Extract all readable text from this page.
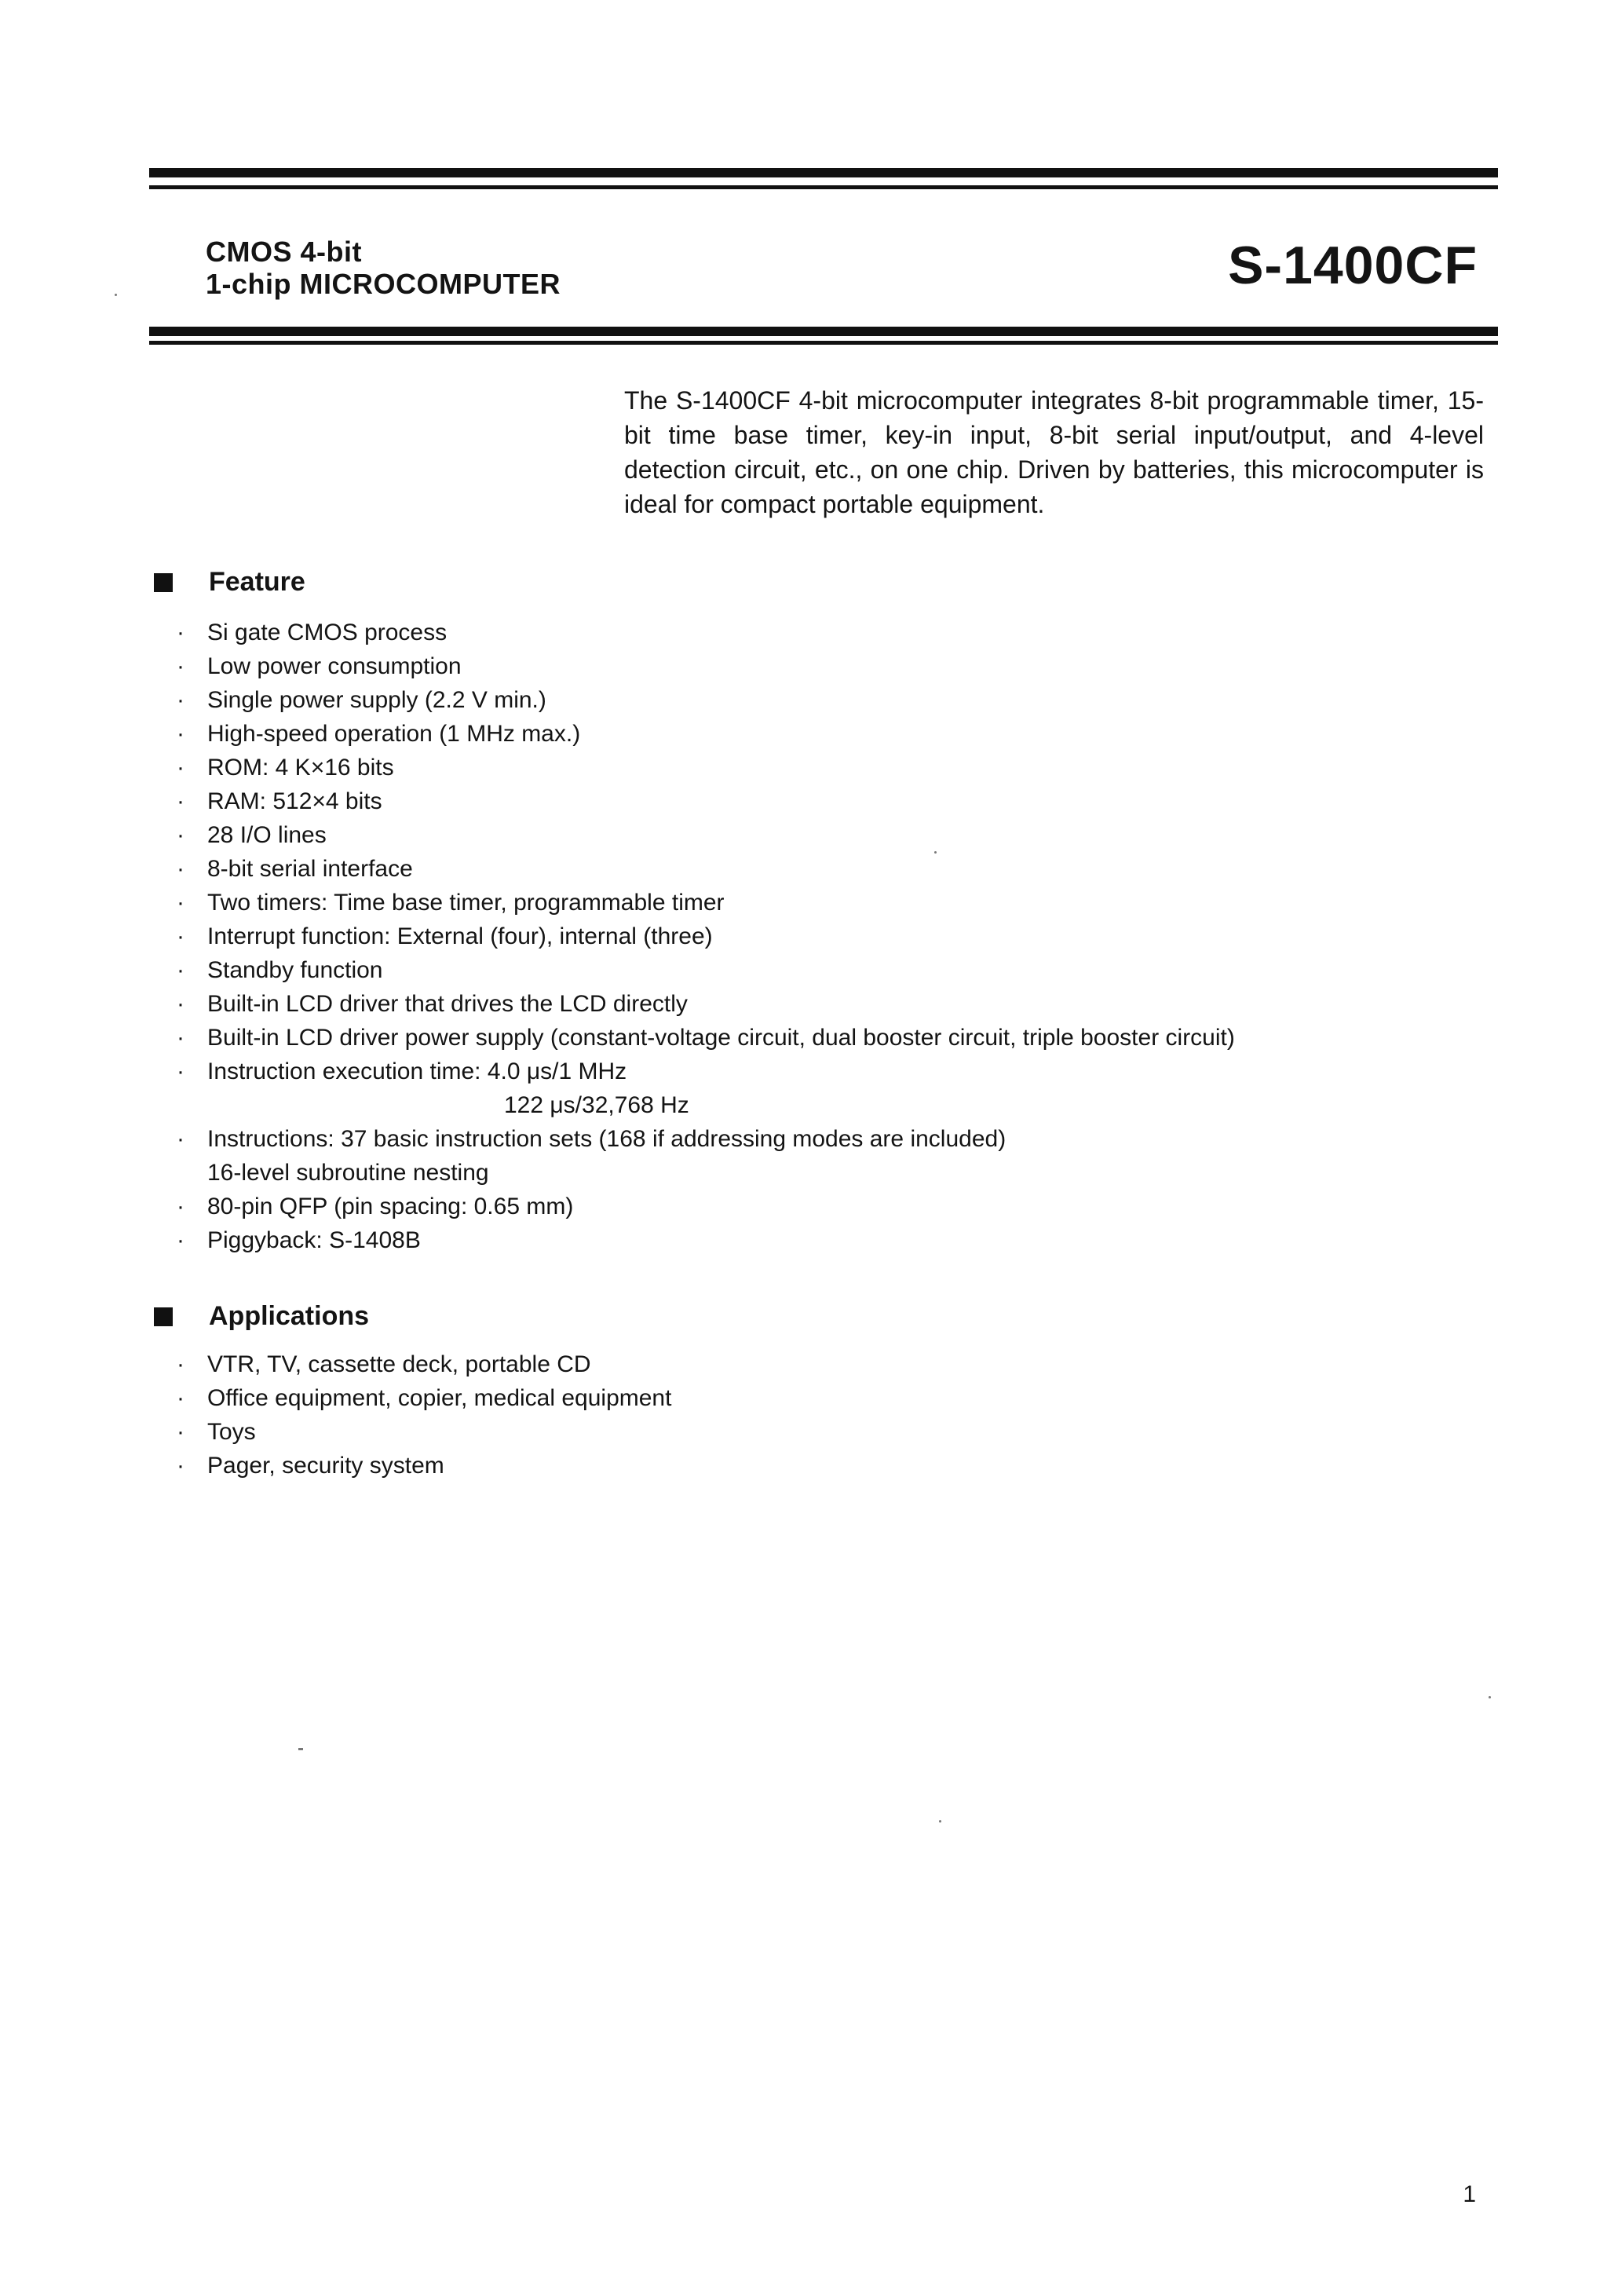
CMOS 4-bit
1-chip MICROCOMPUTER	S-1400CF

The S-1400CF 4-bit microcomputer integrates 8-bit programmable timer, 15-bit time base timer, key-in input, 8-bit serial input/output, and 4-level detection circuit, etc., on one chip. Driven by batteries, this microcomputer is ideal for compact portable equipment.

Feature
· Si gate CMOS process
· Low power consumption
· Single power supply (2.2 V min.)
· High-speed operation (1 MHz max.)
· ROM: 4 K×16 bits
· RAM: 512×4 bits
· 28 I/O lines
· 8-bit serial interface
· Two timers: Time base timer, programmable timer
· Interrupt function: External (four), internal (three)
· Standby function
· Built-in LCD driver that drives the LCD directly
· Built-in LCD driver power supply (constant-voltage circuit, dual booster circuit, triple booster circuit)
· Instruction execution time: 4.0 μs/1 MHz
122 μs/32,768 Hz
· Instructions: 37 basic instruction sets (168 if addressing modes are included)
16-level subroutine nesting
· 80-pin QFP (pin spacing: 0.65 mm)
· Piggyback: S-1408B
Applications
· VTR, TV, cassette deck, portable CD
· Office equipment, copier, medical equipment
· Toys
· Pager, security system
1
